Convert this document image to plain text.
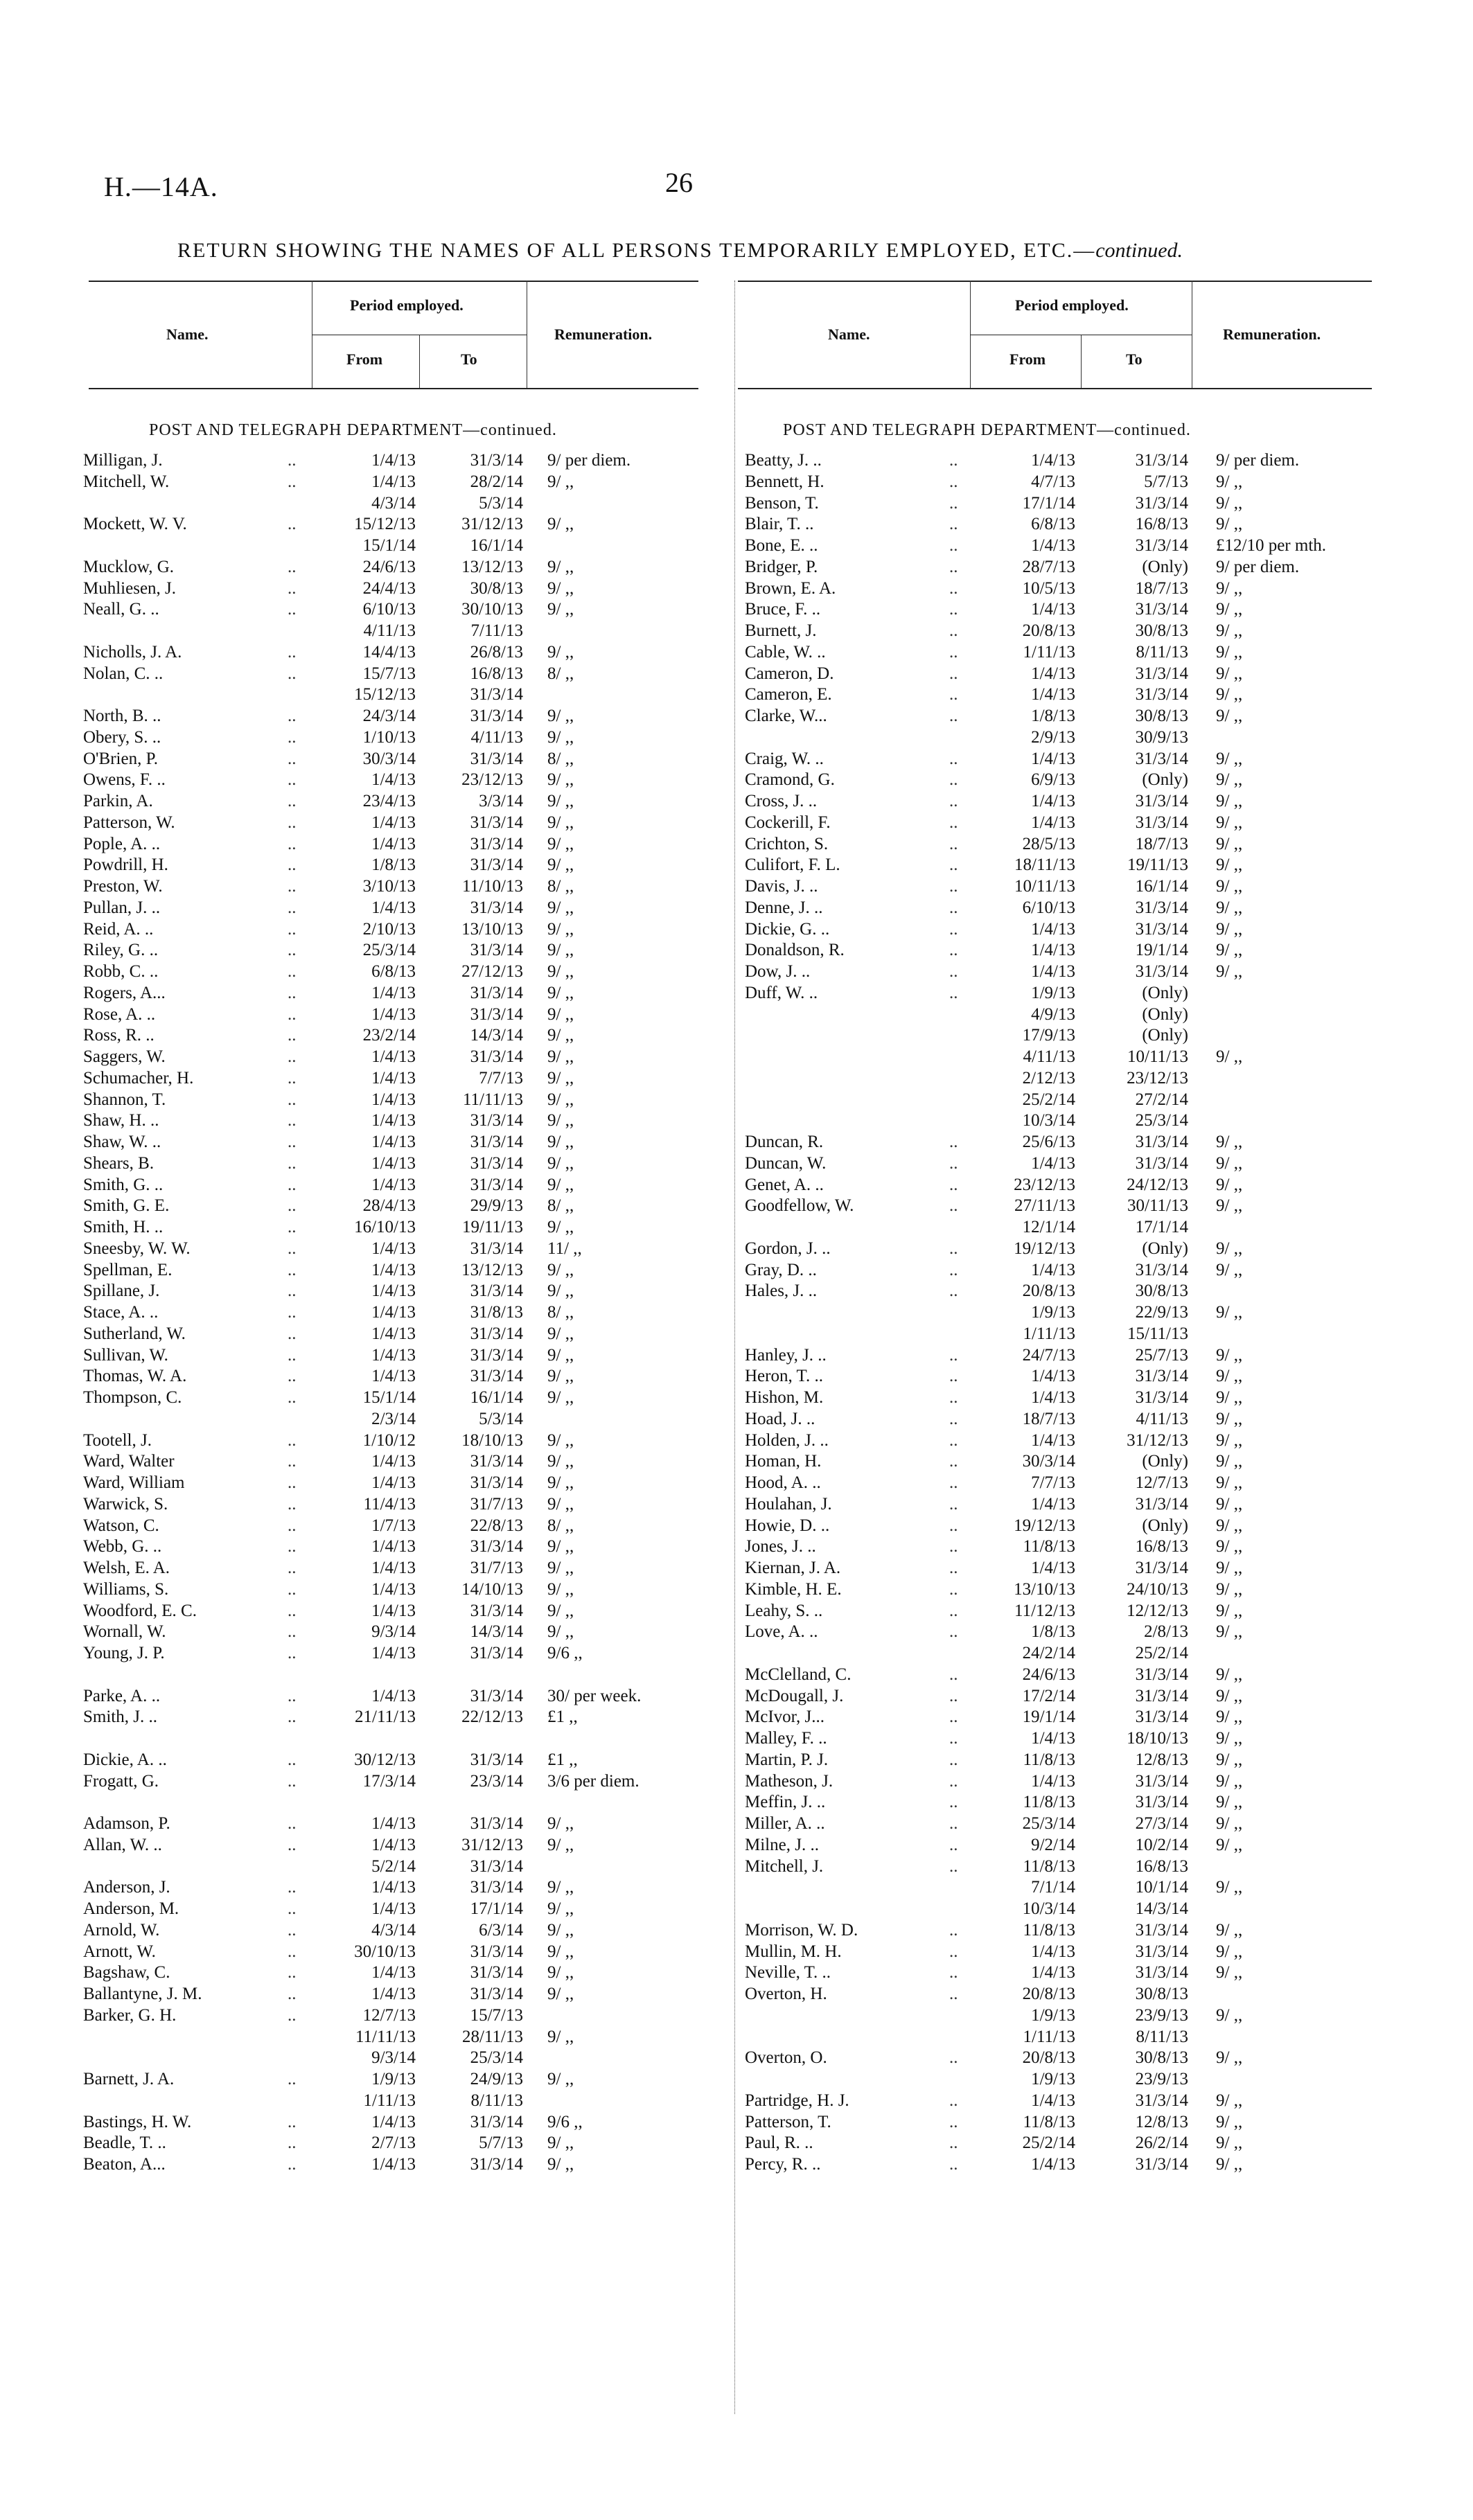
H.—14A.	26
RETURN SHOWING THE NAMES OF ALL PERSONS TEMPORARILY EMPLOYED, ETC.—continued.
Name.
Period employed.
From	To
Remuneration.	Name.
Period employed.
From	To
Remuneration.
POST AND TELEGRAPH DEPARTMENT—continued.	POST AND TELEGRAPH DEPARTMENT—continued.
Milligan, J.	..	1/4/13	31/3/14 9/ per diem.
Mitchell, W.	..	1/4/13	28/2/14 9/ ,,
4/3/14	5/3/14
Mockett, W. V.	..	15/12/13	31/12/13 9/ ,,
15/1/14	16/1/14
Mucklow, G.	..	24/6/13	13/12/13 9/ ,,
Muhliesen, J.	..	24/4/13	30/8/13 9/ ,,
Neall, G. ..	..	6/10/13	30/10/13 9/ ,,
4/11/13	7/11/13
Nicholls, J. A.	..	14/4/13	26/8/13 9/ ,,
Nolan, C. ..	..	15/7/13	16/8/13 8/ ,,
15/12/13	31/3/14
North, B. ..	..	24/3/14	31/3/14 9/ ,,
Obery, S. ..	..	1/10/13	4/11/13 9/ ,,
O'Brien, P.	..	30/3/14	31/3/14 8/ ,,
Owens, F. ..	..	1/4/13	23/12/13 9/ ,,
Parkin, A.	..	23/4/13	3/3/14 9/ ,,
Patterson, W.	..	1/4/13	31/3/14 9/ ,,
Pople, A. ..	..	1/4/13	31/3/14 9/ ,,
Powdrill, H.	..	1/8/13	31/3/14 9/ ,,
Preston, W.	..	3/10/13	11/10/13 8/ ,,
Pullan, J. ..	..	1/4/13	31/3/14 9/ ,,
Reid, A. ..	..	2/10/13	13/10/13 9/ ,,
Riley, G. ..	..	25/3/14	31/3/14 9/ ,,
Robb, C. ..	..	6/8/13	27/12/13 9/ ,,
Rogers, A...	..	1/4/13	31/3/14 9/ ,,
Rose, A. ..	..	1/4/13	31/3/14 9/ ,,
Ross, R. ..	..	23/2/14	14/3/14 9/ ,,
Saggers, W.	..	1/4/13	31/3/14 9/ ,,
Schumacher, H.	..	1/4/13	7/7/13 9/ ,,
Shannon, T.	..	1/4/13	11/11/13 9/ ,,
Shaw, H. ..	..	1/4/13	31/3/14 9/ ,,
Shaw, W. ..	..	1/4/13	31/3/14 9/ ,,
Shears, B.	..	1/4/13	31/3/14 9/ ,,
Smith, G. ..	..	1/4/13	31/3/14 9/ ,,
Smith, G. E.	..	28/4/13	29/9/13 8/ ,,
Smith, H. ..	..	16/10/13	19/11/13 9/ ,,
Sneesby, W. W.	..	1/4/13	31/3/14 11/ ,,
Spellman, E.	..	1/4/13	13/12/13 9/ ,,
Spillane, J.	..	1/4/13	31/3/14 9/ ,,
Stace, A. ..	..	1/4/13	31/8/13 8/ ,,
Sutherland, W.	..	1/4/13	31/3/14 9/ ,,
Sullivan, W.	..	1/4/13	31/3/14 9/ ,,
Thomas, W. A.	..	1/4/13	31/3/14 9/ ,,
Thompson, C.	..	15/1/14	16/1/14 9/ ,,
2/3/14	5/3/14
Tootell, J.	..	1/10/12	18/10/13 9/ ,,
Ward, Walter	..	1/4/13	31/3/14 9/ ,,
Ward, William	..	1/4/13	31/3/14 9/ ,,
Warwick, S.	..	11/4/13	31/7/13 9/ ,,
Watson, C.	..	1/7/13	22/8/13 8/ ,,
Webb, G. ..	..	1/4/13	31/3/14 9/ ,,
Welsh, E. A.	..	1/4/13	31/7/13 9/ ,,
Williams, S.	..	1/4/13	14/10/13 9/ ,,
Woodford, E. C.	..	1/4/13	31/3/14 9/ ,,
Wornall, W.	..	9/3/14	14/3/14 9/ ,,
Young, J. P.	..	1/4/13	31/3/14 9/6 ,,
Parke, A. ..	..	1/4/13	31/3/14 30/ per week.
Smith, J. ..	..	21/11/13	22/12/13 £1 ,,
Dickie, A. ..	..	30/12/13	31/3/14 £1 ,,
Frogatt, G.	..	17/3/14	23/3/14 3/6 per diem.
Adamson, P.	..	1/4/13	31/3/14 9/ ,,
Allan, W. ..	..	1/4/13	31/12/13 9/ ,,
5/2/14	31/3/14
Anderson, J.	..	1/4/13	31/3/14 9/ ,,
Anderson, M.	..	1/4/13	17/1/14 9/ ,,
Arnold, W.	..	4/3/14	6/3/14 9/ ,,
Arnott, W.	..	30/10/13	31/3/14 9/ ,,
Bagshaw, C.	..	1/4/13	31/3/14 9/ ,,
Ballantyne, J. M.	..	1/4/13	31/3/14 9/ ,,
Barker, G. H.	..	12/7/13	15/7/13
11/11/13	28/11/13 9/ ,,
9/3/14	25/3/14
Barnett, J. A.	..	1/9/13	24/9/13 9/ ,,
1/11/13	8/11/13
Bastings, H. W.	..	1/4/13	31/3/14 9/6 ,,
Beadle, T. ..	..	2/7/13	5/7/13 9/ ,,
Beaton, A...	..	1/4/13	31/3/14 9/ ,,
Beatty, J. ..	..	1/4/13	31/3/14 9/ per diem.
Bennett, H.	..	4/7/13	5/7/13 9/ ,,
Benson, T.	..	17/1/14	31/3/14 9/ ,,
Blair, T. ..	..	6/8/13	16/8/13 9/ ,,
Bone, E. ..	..	1/4/13	31/3/14 £12/10 per mth.
Bridger, P.	..	28/7/13	(Only) 9/ per diem.
Brown, E. A.	..	10/5/13	18/7/13 9/ ,,
Bruce, F. ..	..	1/4/13	31/3/14 9/ ,,
Burnett, J.	..	20/8/13	30/8/13 9/ ,,
Cable, W. ..	..	1/11/13	8/11/13 9/ ,,
Cameron, D.	..	1/4/13	31/3/14 9/ ,,
Cameron, E.	..	1/4/13	31/3/14 9/ ,,
Clarke, W...	..	1/8/13	30/8/13 9/ ,,
2/9/13	30/9/13
Craig, W. ..	..	1/4/13	31/3/14 9/ ,,
Cramond, G.	..	6/9/13	(Only) 9/ ,,
Cross, J. ..	..	1/4/13	31/3/14 9/ ,,
Cockerill, F.	..	1/4/13	31/3/14 9/ ,,
Crichton, S.	..	28/5/13	18/7/13 9/ ,,
Culifort, F. L.	..	18/11/13	19/11/13 9/ ,,
Davis, J. ..	..	10/11/13	16/1/14 9/ ,,
Denne, J. ..	..	6/10/13	31/3/14 9/ ,,
Dickie, G. ..	..	1/4/13	31/3/14 9/ ,,
Donaldson, R.	..	1/4/13	19/1/14 9/ ,,
Dow, J. ..	..	1/4/13	31/3/14 9/ ,,
Duff, W. ..	..	1/9/13	(Only)
4/9/13	(Only)
17/9/13	(Only)
4/11/13	10/11/13 9/ ,,
2/12/13	23/12/13
25/2/14	27/2/14
10/3/14	25/3/14
Duncan, R.	..	25/6/13	31/3/14 9/ ,,
Duncan, W.	..	1/4/13	31/3/14 9/ ,,
Genet, A. ..	..	23/12/13	24/12/13 9/ ,,
Goodfellow, W.	..	27/11/13	30/11/13 9/ ,,
12/1/14	17/1/14
Gordon, J. ..	..	19/12/13	(Only) 9/ ,,
Gray, D. ..	..	1/4/13	31/3/14 9/ ,,
Hales, J. ..	..	20/8/13	30/8/13
1/9/13	22/9/13 9/ ,,
1/11/13	15/11/13
Hanley, J. ..	..	24/7/13	25/7/13 9/ ,,
Heron, T. ..	..	1/4/13	31/3/14 9/ ,,
Hishon, M.	..	1/4/13	31/3/14 9/ ,,
Hoad, J. ..	..	18/7/13	4/11/13 9/ ,,
Holden, J. ..	..	1/4/13	31/12/13 9/ ,,
Homan, H.	..	30/3/14	(Only) 9/ ,,
Hood, A. ..	..	7/7/13	12/7/13 9/ ,,
Houlahan, J.	..	1/4/13	31/3/14 9/ ,,
Howie, D. ..	..	19/12/13	(Only) 9/ ,,
Jones, J. ..	..	11/8/13	16/8/13 9/ ,,
Kiernan, J. A.	..	1/4/13	31/3/14 9/ ,,
Kimble, H. E.	..	13/10/13	24/10/13 9/ ,,
Leahy, S. ..	..	11/12/13	12/12/13 9/ ,,
Love, A. ..	..	1/8/13	2/8/13 9/ ,,
24/2/14	25/2/14
McClelland, C.	..	24/6/13	31/3/14 9/ ,,
McDougall, J.	..	17/2/14	31/3/14 9/ ,,
McIvor, J...	..	19/1/14	31/3/14 9/ ,,
Malley, F. ..	..	1/4/13	18/10/13 9/ ,,
Martin, P. J.	..	11/8/13	12/8/13 9/ ,,
Matheson, J.	..	1/4/13	31/3/14 9/ ,,
Meffin, J. ..	..	11/8/13	31/3/14 9/ ,,
Miller, A. ..	..	25/3/14	27/3/14 9/ ,,
Milne, J. ..	..	9/2/14	10/2/14 9/ ,,
Mitchell, J.	..	11/8/13	16/8/13
7/1/14	10/1/14 9/ ,,
10/3/14	14/3/14
Morrison, W. D.	..	11/8/13	31/3/14 9/ ,,
Mullin, M. H.	..	1/4/13	31/3/14 9/ ,,
Neville, T. ..	..	1/4/13	31/3/14 9/ ,,
Overton, H.	..	20/8/13	30/8/13
1/9/13	23/9/13 9/ ,,
1/11/13	8/11/13
Overton, O.	..	20/8/13	30/8/13 9/ ,,
1/9/13	23/9/13
Partridge, H. J.	..	1/4/13	31/3/14 9/ ,,
Patterson, T.	..	11/8/13	12/8/13 9/ ,,
Paul, R. ..	..	25/2/14	26/2/14 9/ ,,
Percy, R. ..	..	1/4/13	31/3/14 9/ ,,
